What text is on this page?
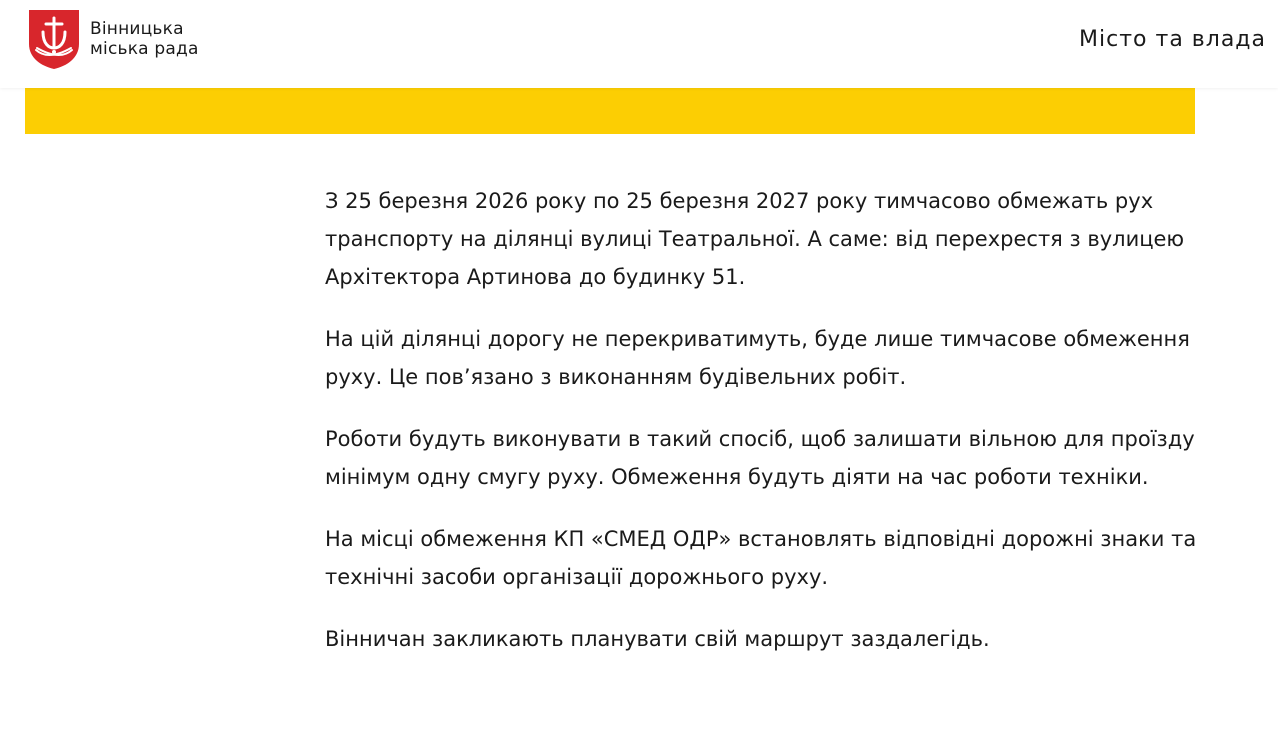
Вінницька
міська рада	Місто та влада

З 25 березня 2026 року по 25 березня 2027 року тимчасово обмежать рух транспорту на ділянці вулиці Театральної. А саме: від перехрестя з вулицею Архітектора Артинова до будинку 51.

На цій ділянці дорогу не перекриватимуть, буде лише тимчасове обмеження руху. Це пов’язано з виконанням будівельних робіт.

Роботи будуть виконувати в такий спосіб, щоб залишати вільною для проїзду мінімум одну смугу руху. Обмеження будуть діяти на час роботи техніки.

На місці обмеження КП «СМЕД ОДР» встановлять відповідні дорожні знаки та технічні засоби організації дорожнього руху.

Вінничан закликають планувати свій маршрут заздалегідь.
